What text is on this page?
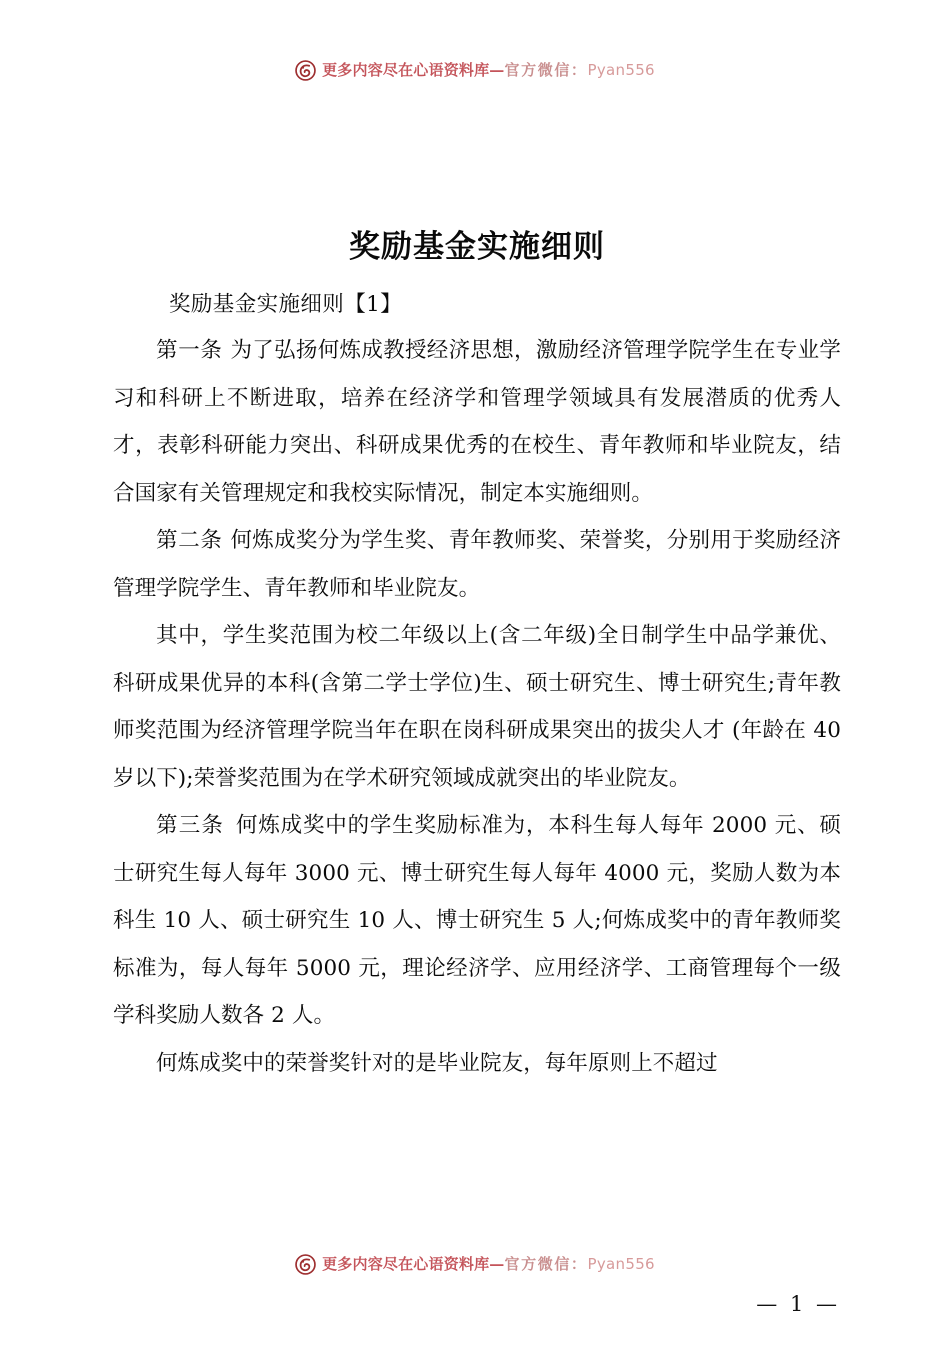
更多内容尽在心语资料库— 官方微信： Pyan556
奖励基金实施细则

奖励基金实施细则【1】

第一条 为了弘扬何炼成教授经济思想，激励经济管理学院学生在专业学习和科研上不断进取，培养在经济学和管理学领域具有发展潜质的优秀人才，表彰科研能力突出、科研成果优秀的在校生、青年教师和毕业院友，结合国家有关管理规定和我校实际情况，制定本实施细则。

第二条 何炼成奖分为学生奖、青年教师奖、荣誉奖，分别用于奖励经济管理学院学生、青年教师和毕业院友。

其中，学生奖范围为校二年级以上(含二年级)全日制学生中品学兼优、科研成果优异的本科(含第二学士学位)生、硕士研究生、博士研究生;青年教师奖范围为经济管理学院当年在职在岗科研成果突出的拔尖人才 (年龄在 40 岁以下);荣誉奖范围为在学术研究领域成就突出的毕业院友。

第三条 何炼成奖中的学生奖励标准为，本科生每人每年 2000 元、硕士研究生每人每年 3000 元、博士研究生每人每年 4000 元，奖励人数为本科生 10 人、硕士研究生 10 人、博士研究生 5 人;何炼成奖中的青年教师奖标准为，每人每年 5000 元，理论经济学、应用经济学、工商管理每个一级学科奖励人数各 2 人。

何炼成奖中的荣誉奖针对的是毕业院友，每年原则上不超过

更多内容尽在心语资料库— 官方微信： Pyan556
— 1 —
